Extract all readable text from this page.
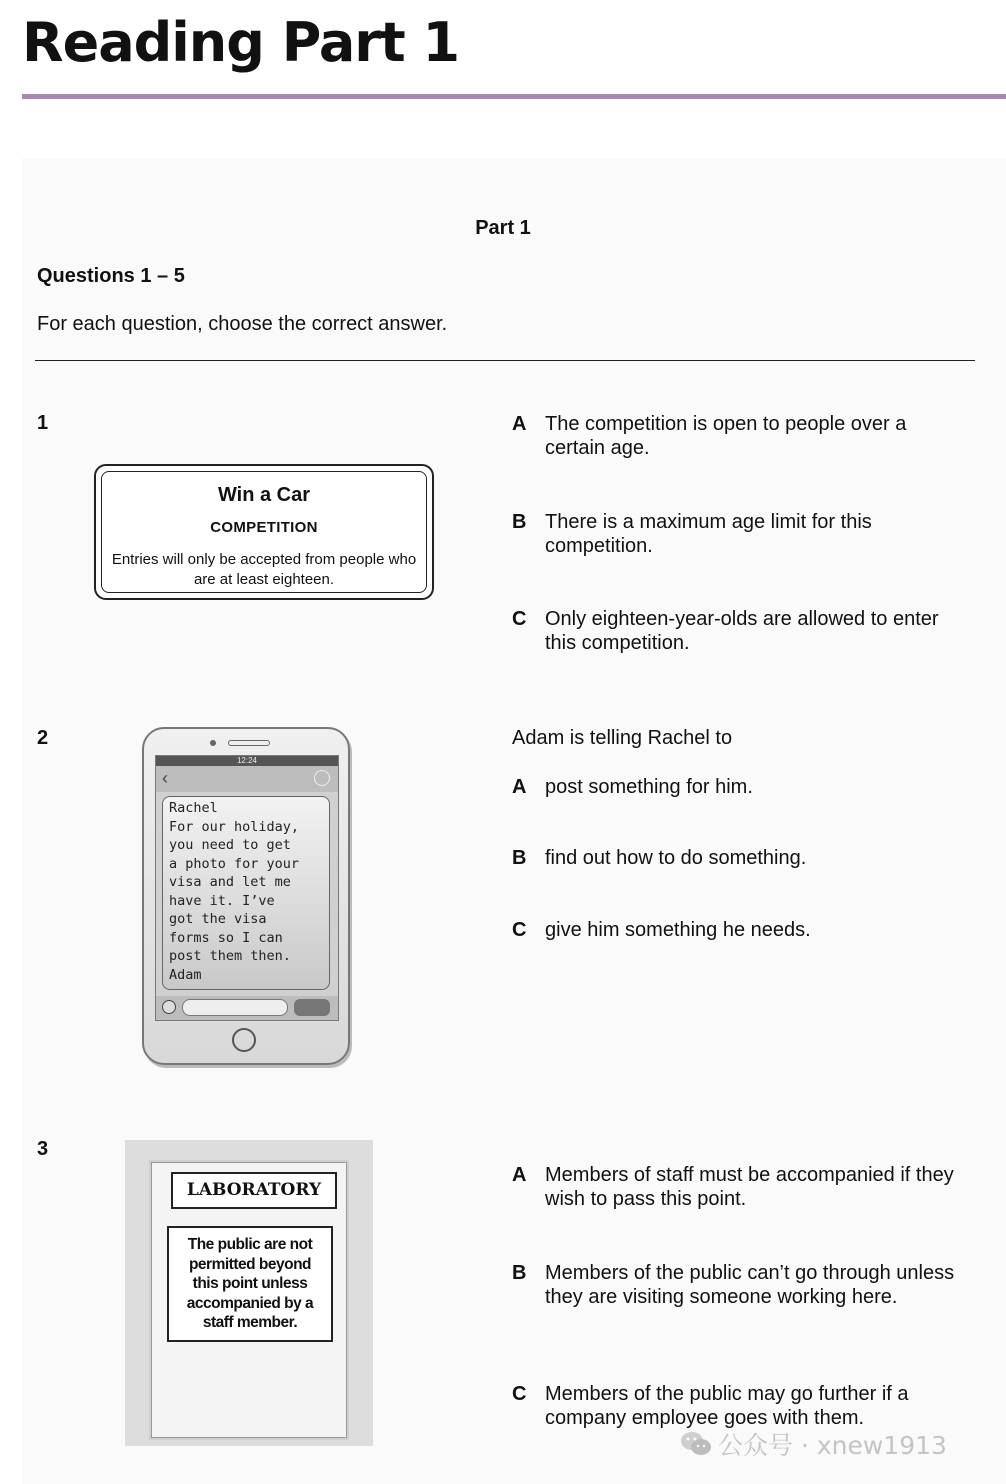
Reading Part 1
Part 1
Questions 1 – 5
For each question, choose the correct answer.
1
Win a Car
COMPETITION
Entries will only be accepted from people who are at least eighteen.
A The competition is open to people over a certain age.
B There is a maximum age limit for this competition.
C Only eighteen-year-olds are allowed to enter this competition.
2
12:24
‹
Rachel
For our holiday,
you need to get
a photo for your
visa and let me
have it. I’ve
got the visa
forms so I can
post them then.
Adam
Adam is telling Rachel to
A post something for him.
B find out how to do something.
C give him something he needs.
3
LABORATORY
The public are not permitted beyond this point unless accompanied by a staff member.
A Members of staff must be accompanied if they wish to pass this point.
B Members of the public can’t go through unless they are visiting someone working here.
C Members of the public may go further if a company employee goes with them.
公众号 · xnew1913
